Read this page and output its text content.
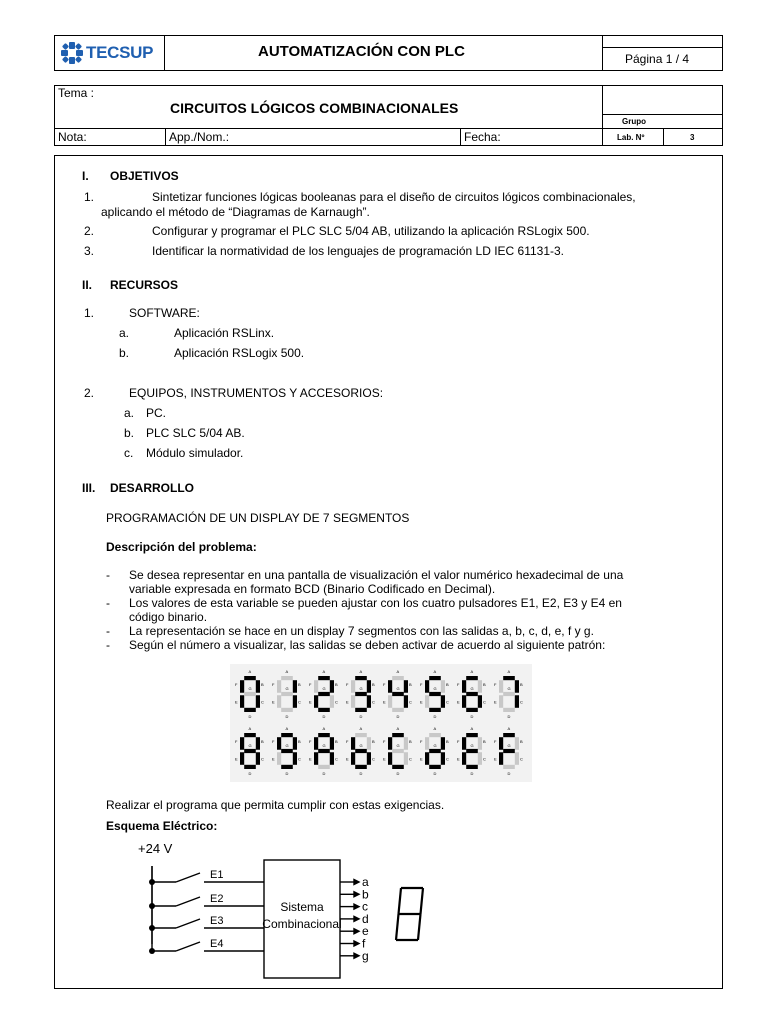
TECSUP	AUTOMATIZACIÓN CON PLC	Página 1 / 4
Tema :
CIRCUITOS LÓGICOS COMBINACIONALES
Grupo
Nota:	App./Nom.:	Fecha:	Lab. Nº	3
I. OBJETIVOS
1.	Sintetizar funciones lógicas booleanas para el diseño de circuitos lógicos combinacionales,
aplicando el método de “Diagramas de Karnaugh”.
2.	Configurar y programar el PLC SLC 5/04 AB, utilizando la aplicación RSLogix 500.
3.	Identificar la normatividad de los lenguajes de programación LD IEC 61131-3.
II. RECURSOS
1.	SOFTWARE:
a.	Aplicación RSLinx.
b.	Aplicación RSLogix 500.
2.	EQUIPOS, INSTRUMENTOS Y ACCESORIOS:
a. PC.
b. PLC SLC 5/04 AB.
c. Módulo simulador.
III. DESARROLLO
PROGRAMACIÓN DE UN DISPLAY DE 7 SEGMENTOS
Descripción del problema:
- Se desea representar en una pantalla de visualización el valor numérico hexadecimal de una
variable expresada en formato BCD (Binario Codificado en Decimal).
- Los valores de esta variable se pueden ajustar con los cuatro pulsadores E1, E2, E3 y E4 en
código binario.
- La representación se hace en un display 7 segmentos con las salidas a, b, c, d, e, f y g.
- Según el número a visualizar, las salidas se deben activar de acuerdo al siguiente patrón:
A
F	B
G
E	C
D
A
F	B
G
E	C
D
A
F	B
G
E	C
D
A
F	B
G
E	C
D
A
F	B
G
E	C
D
A
F	B
G
E	C
D
A
F	B
G
E	C
D
A
F	B
G
E	C
D
A
F	B
G
E	C
D
A
F	B
G
E	C
D
A
F	B
G
E	C
D
A
F	B
G
E	C
D
A
F	B
G
E	C
D
A
F	B
G
E	C
D
A
F	B
G
E	C
D
A
F	B
G
E	C
D
Realizar el programa que permita cumplir con estas exigencias.
Esquema Eléctrico:
+24 V
Sistema
Combinacional
E1
E2
E3
E4
a
b
c
d
e
f
g
